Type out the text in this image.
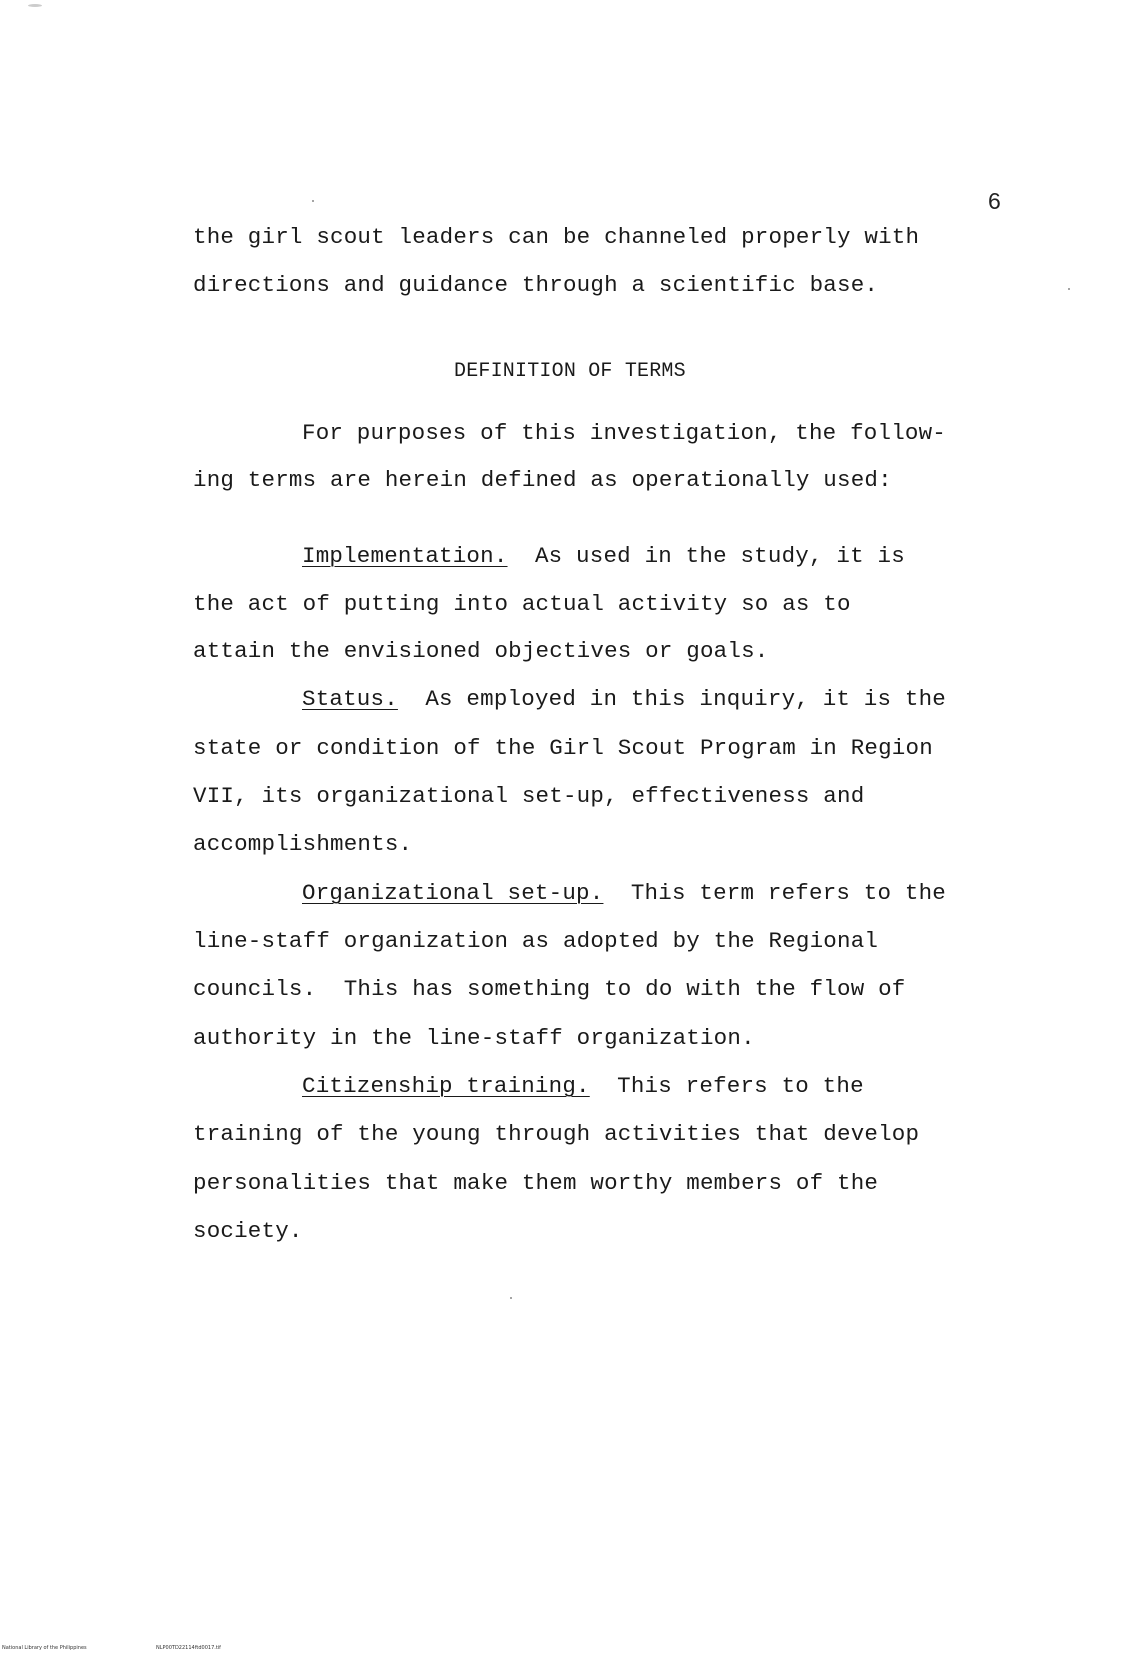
6
the girl scout leaders can be channeled properly with
directions and guidance through a scientific base.
DEFINITION OF TERMS
For purposes of this investigation, the follow-
ing terms are herein defined as operationally used:
Implementation.  As used in the study, it is
the act of putting into actual activity so as to
attain the envisioned objectives or goals.
Status.  As employed in this inquiry, it is the
state or condition of the Girl Scout Program in Region
VII, its organizational set-up, effectiveness and
accomplishments.
Organizational set-up.  This term refers to the
line-staff organization as adopted by the Regional
councils.  This has something to do with the flow of
authority in the line-staff organization.
Citizenship training.  This refers to the
training of the young through activities that develop
personalities that make them worthy members of the
society.
National Library of the Philippines	NLP00TD22114ftd0017.tif
